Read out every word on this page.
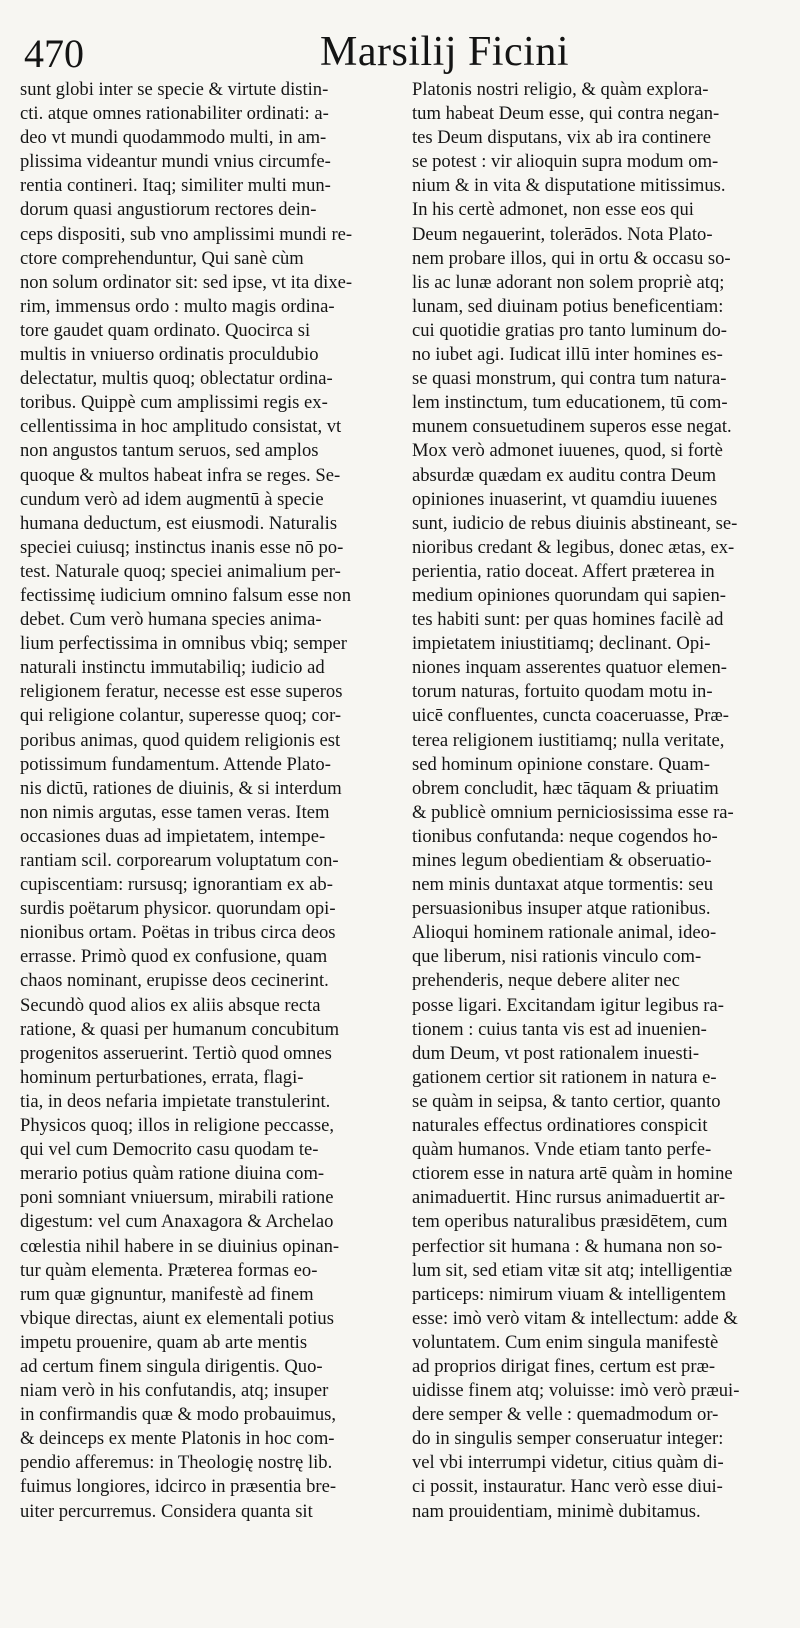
470	Marsilij Ficini
sunt globi inter se specie & virtute distin-
cti. atque omnes rationabiliter ordinati: a-
deo vt mundi quodammodo multi, in am-
plissima videantur mundi vnius circumfe-
rentia contineri. Itaq; similiter multi mun-
dorum quasi angustiorum rectores dein-
ceps dispositi, sub vno amplissimi mundi re-
ctore comprehenduntur, Qui sanè cùm
non solum ordinator sit: sed ipse, vt ita dixe-
rim, immensus ordo : multo magis ordina-
tore gaudet quam ordinato. Quocirca si
multis in vniuerso ordinatis proculdubio
delectatur, multis quoq; oblectatur ordina-
toribus. Quippè cum amplissimi regis ex-
cellentissima in hoc amplitudo consistat, vt
non angustos tantum seruos, sed amplos
quoque & multos habeat infra se reges. Se-
cundum verò ad idem augmentū à specie
humana deductum, est eiusmodi. Naturalis
speciei cuiusq; instinctus inanis esse nō po-
test. Naturale quoq; speciei animalium per-
fectissimę iudicium omnino falsum esse non
debet. Cum verò humana species anima-
lium perfectissima in omnibus vbiq; semper
naturali instinctu immutabiliq; iudicio ad
religionem feratur, necesse est esse superos
qui religione colantur, superesse quoq; cor-
poribus animas, quod quidem religionis est
potissimum fundamentum. Attende Plato-
nis dictū, rationes de diuinis, & si interdum
non nimis argutas, esse tamen veras. Item
occasiones duas ad impietatem, intempe-
rantiam scil. corporearum voluptatum con-
cupiscentiam: rursusq; ignorantiam ex ab-
surdis poëtarum physicor. quorundam opi-
nionibus ortam. Poëtas in tribus circa deos
errasse. Primò quod ex confusione, quam
chaos nominant, erupisse deos cecinerint.
Secundò quod alios ex aliis absque recta
ratione, & quasi per humanum concubitum
progenitos asseruerint. Tertiò quod omnes
hominum perturbationes, errata, flagi-
tia, in deos nefaria impietate transtulerint.
Physicos quoq; illos in religione peccasse,
qui vel cum Democrito casu quodam te-
merario potius quàm ratione diuina com-
poni somniant vniuersum, mirabili ratione
digestum: vel cum Anaxagora & Archelao
cœlestia nihil habere in se diuinius opinan-
tur quàm elementa. Præterea formas eo-
rum quæ gignuntur, manifestè ad finem
vbique directas, aiunt ex elementali potius
impetu prouenire, quam ab arte mentis
ad certum finem singula dirigentis. Quo-
niam verò in his confutandis, atq; insuper
in confirmandis quæ & modo probauimus,
& deinceps ex mente Platonis in hoc com-
pendio afferemus: in Theologię nostrę lib.
fuimus longiores, idcirco in præsentia bre-
uiter percurremus. Considera quanta sit
Platonis nostri religio, & quàm explora-
tum habeat Deum esse, qui contra negan-
tes Deum disputans, vix ab ira continere
se potest : vir alioquin supra modum om-
nium & in vita & disputatione mitissimus.
In his certè admonet, non esse eos qui
Deum negauerint, tolerādos. Nota Plato-
nem probare illos, qui in ortu & occasu so-
lis ac lunæ adorant non solem propriè atq;
lunam, sed diuinam potius beneficentiam:
cui quotidie gratias pro tanto luminum do-
no iubet agi. Iudicat illū inter homines es-
se quasi monstrum, qui contra tum natura-
lem instinctum, tum educationem, tū com-
munem consuetudinem superos esse negat.
Mox verò admonet iuuenes, quod, si fortè
absurdæ quædam ex auditu contra Deum
opiniones inuaserint, vt quamdiu iuuenes
sunt, iudicio de rebus diuinis abstineant, se-
nioribus credant & legibus, donec ætas, ex-
perientia, ratio doceat. Affert præterea in
medium opiniones quorundam qui sapien-
tes habiti sunt: per quas homines facilè ad
impietatem iniustitiamq; declinant. Opi-
niones inquam asserentes quatuor elemen-
torum naturas, fortuito quodam motu in-
uicē confluentes, cuncta coaceruasse, Præ-
terea religionem iustitiamq; nulla veritate,
sed hominum opinione constare. Quam-
obrem concludit, hæc tāquam & priuatim
& publicè omnium perniciosissima esse ra-
tionibus confutanda: neque cogendos ho-
mines legum obedientiam & obseruatio-
nem minis duntaxat atque tormentis: seu
persuasionibus insuper atque rationibus.
Alioqui hominem rationale animal, ideo-
que liberum, nisi rationis vinculo com-
prehenderis, neque debere aliter nec
posse ligari. Excitandam igitur legibus ra-
tionem : cuius tanta vis est ad inuenien-
dum Deum, vt post rationalem inuesti-
gationem certior sit rationem in natura e-
se quàm in seipsa, & tanto certior, quanto
naturales effectus ordinatiores conspicit
quàm humanos. Vnde etiam tanto perfe-
ctiorem esse in natura artē quàm in homine
animaduertit. Hinc rursus animaduertit ar-
tem operibus naturalibus præsidētem, cum
perfectior sit humana : & humana non so-
lum sit, sed etiam vitæ sit atq; intelligentiæ
particeps: nimirum viuam & intelligentem
esse: imò verò vitam & intellectum: adde &
voluntatem. Cum enim singula manifestè
ad proprios dirigat fines, certum est præ-
uidisse finem atq; voluisse: imò verò præui-
dere semper & velle : quemadmodum or-
do in singulis semper conseruatur integer:
vel vbi interrumpi videtur, citius quàm di-
ci possit, instauratur. Hanc verò esse diui-
nam prouidentiam, minimè dubitamus.
